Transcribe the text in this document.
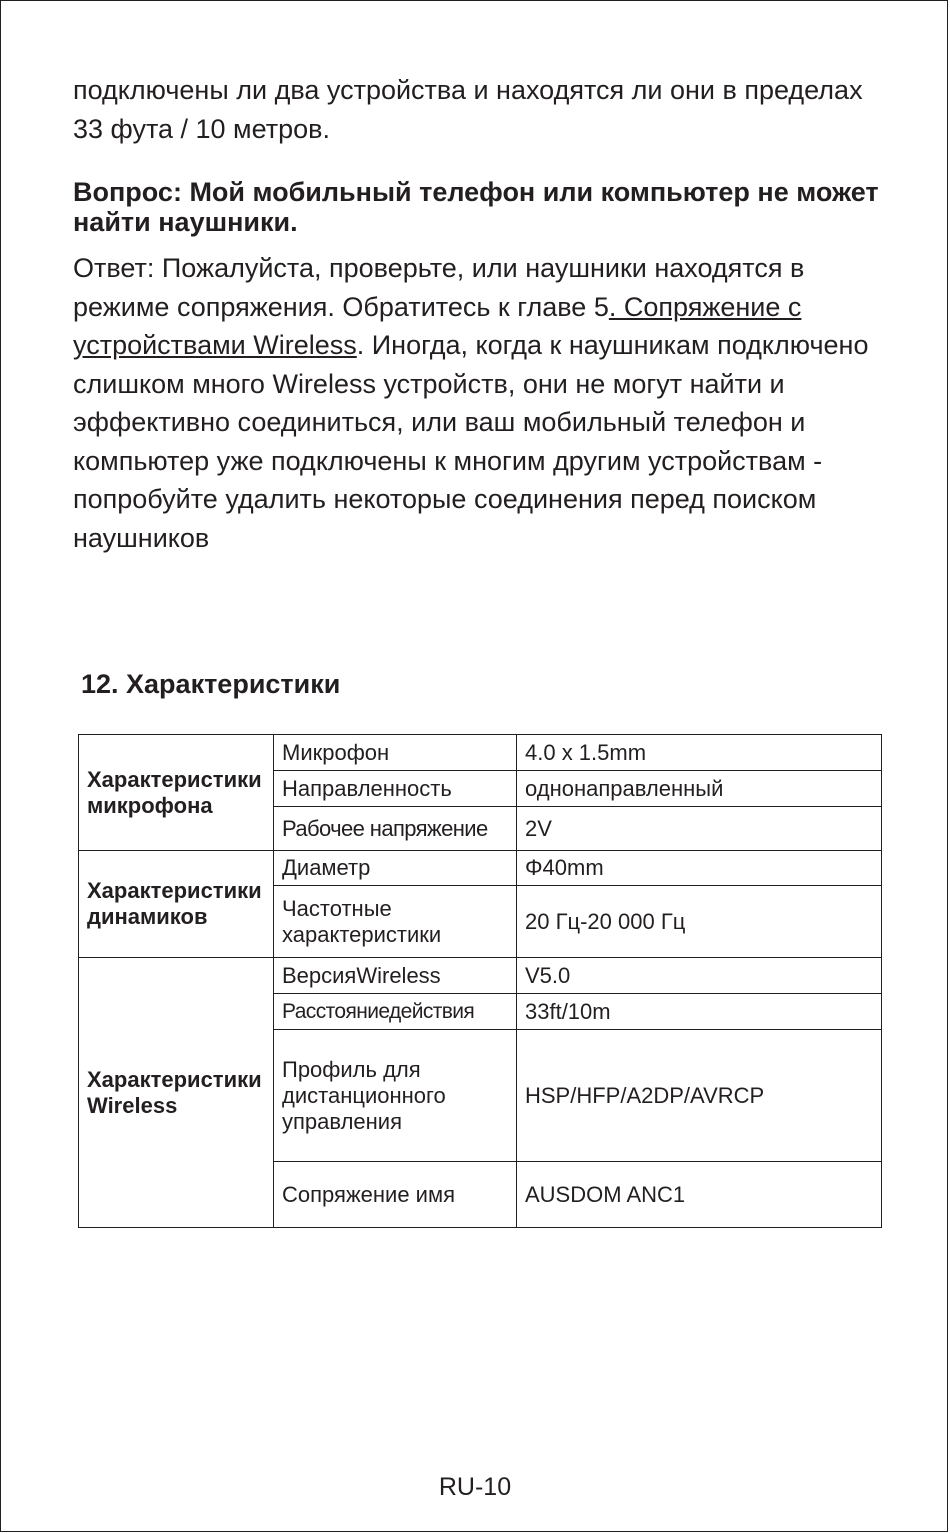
подключены ли два устройства и находятся ли они в пределах 33 фута / 10 метров.

Вопрос: Мой мобильный телефон или компьютер не может найти наушники.

Ответ: Пожалуйста, проверьте, или наушники находятся в режиме сопряжения. Обратитесь к главе 5. Сопряжение с устройствами Wireless. Иногда, когда к наушникам подключено слишком много Wireless устройств, они не могут найти и эффективно соединиться, или ваш мобильный телефон и компьютер уже подключены к многим другим устройствам - попробуйте удалить некоторые соединения перед поиском наушников

12. Характеристики
Характеристики микрофона	Микрофон	4.0 x 1.5mm
	Направленность	однонаправленный
	Рабочее напряжение	2V
Характеристики динамиков	Диаметр	Φ40mm
	Частотные характеристики	20 Гц-20 000 Гц
Характеристики Wireless	ВерсияWireless	V5.0
	Расстояниедействия	33ft/10m
	Профиль для дистанционного управления	HSP/HFP/A2DP/AVRCP
	Сопряжение имя	AUSDOM ANC1
RU-10
